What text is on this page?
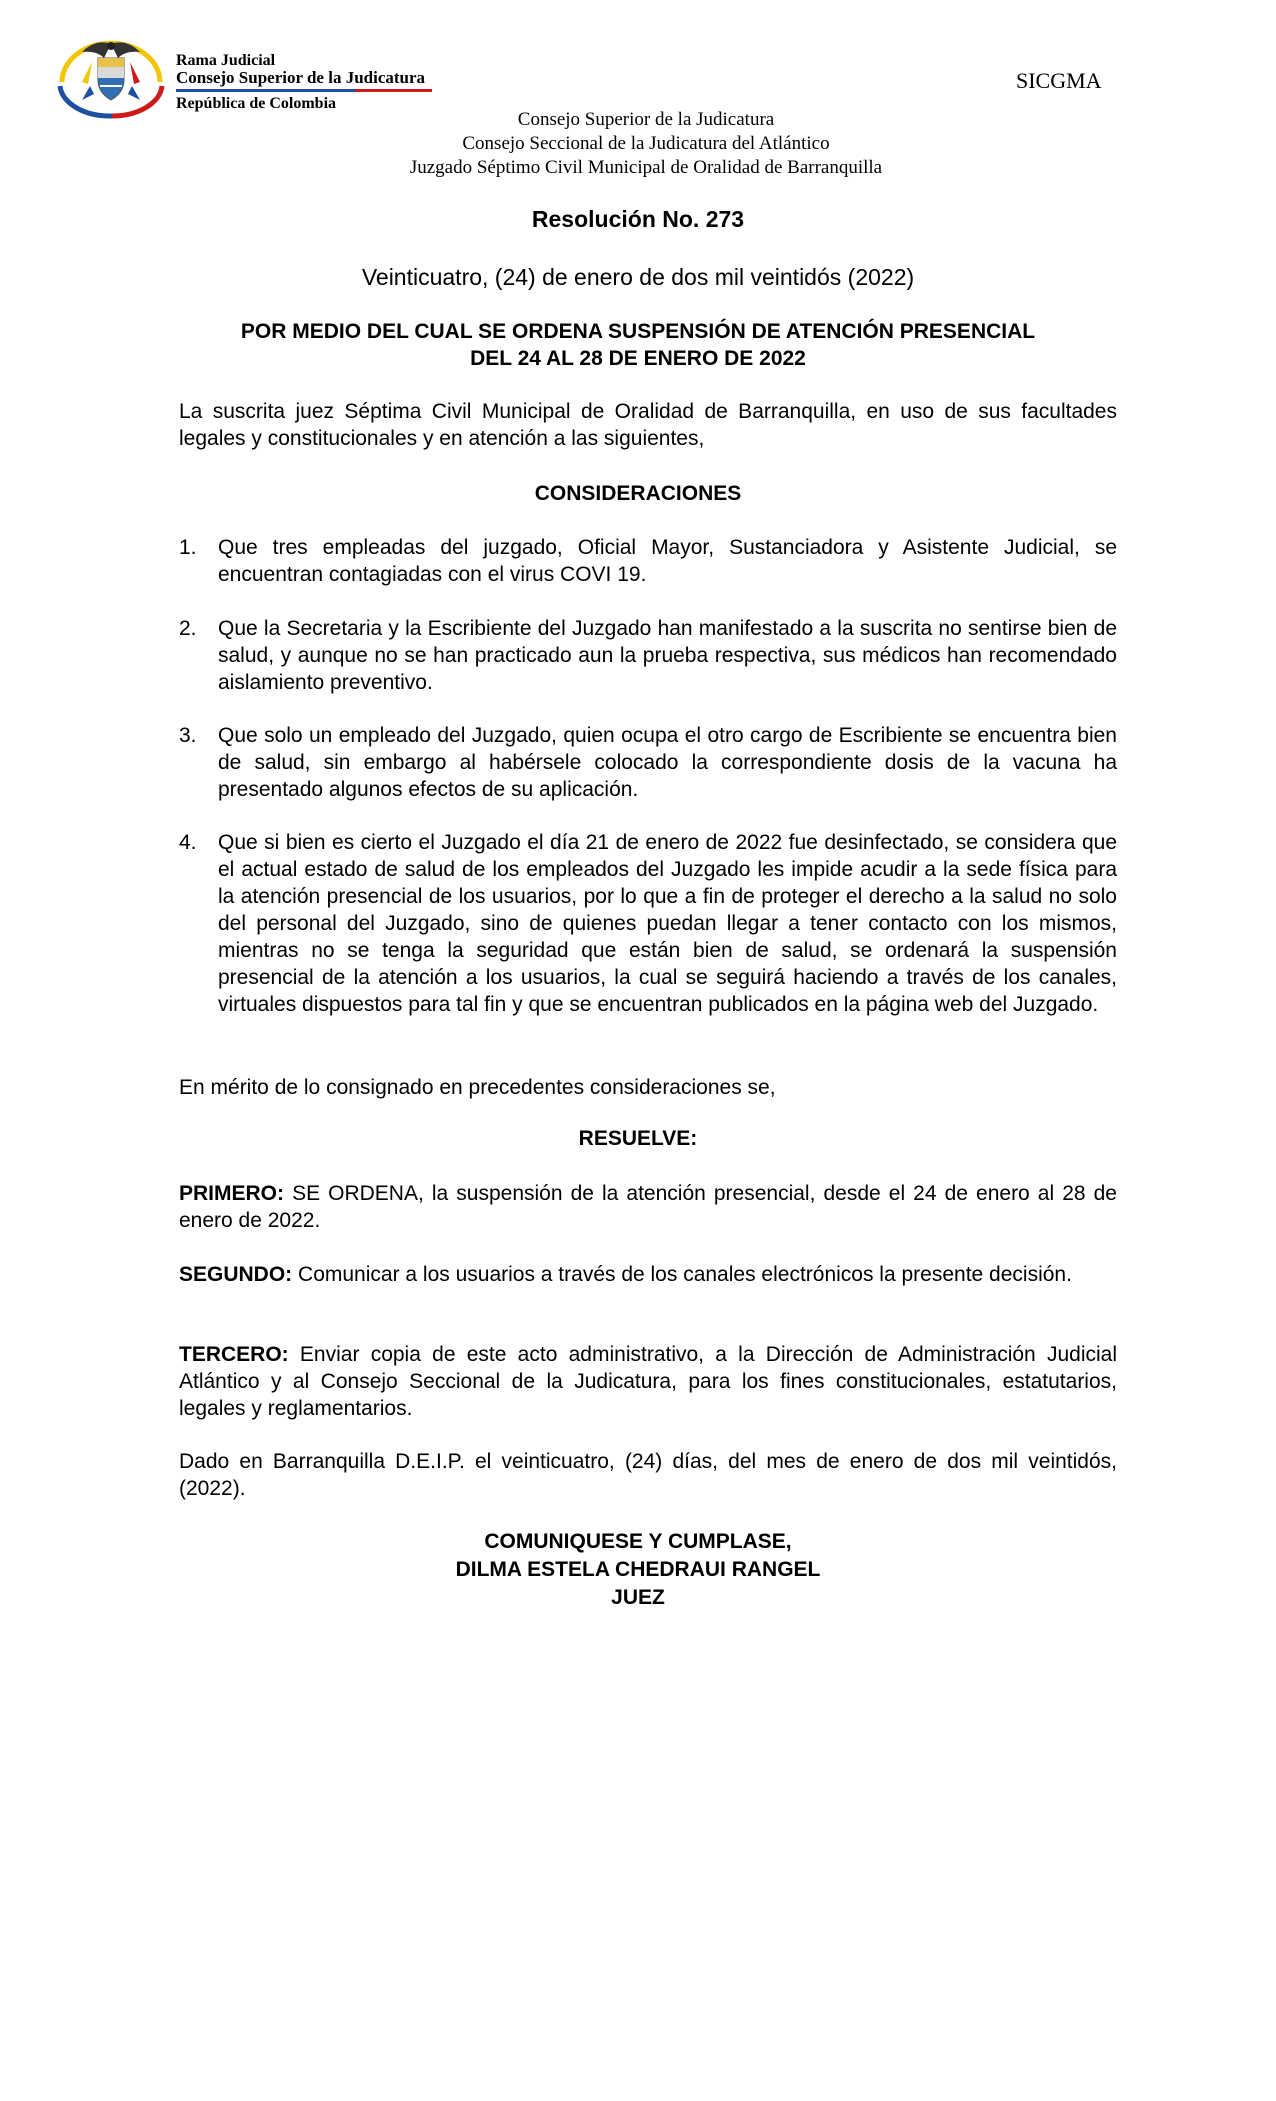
Rama Judicial
Consejo Superior de la Judicatura
República de Colombia
SICGMA
Consejo Superior de la Judicatura
Consejo Seccional de la Judicatura del Atlántico
Juzgado Séptimo Civil Municipal de Oralidad de Barranquilla
Resolución No. 273
Veinticuatro, (24) de enero de dos mil veintidós (2022)
POR MEDIO DEL CUAL SE ORDENA SUSPENSIÓN DE ATENCIÓN PRESENCIAL
DEL 24 AL 28 DE ENERO DE 2022
La suscrita juez Séptima Civil Municipal de Oralidad de Barranquilla, en uso de sus facultades legales y constitucionales y en atención a las siguientes,
CONSIDERACIONES
1.	Que tres empleadas del juzgado, Oficial Mayor, Sustanciadora y Asistente Judicial, se encuentran contagiadas con el virus COVI 19.
2.	Que la Secretaria y la Escribiente del Juzgado han manifestado a la suscrita no sentirse bien de salud, y aunque no se han practicado aun la prueba respectiva, sus médicos han recomendado aislamiento preventivo.
3.	Que solo un empleado del Juzgado, quien ocupa el otro cargo de Escribiente se encuentra bien de salud, sin embargo al habérsele colocado la correspondiente dosis de la vacuna ha presentado algunos efectos de su aplicación.
4.	Que si bien es cierto el Juzgado el día 21 de enero de 2022 fue desinfectado, se considera que el actual estado de salud de los empleados del Juzgado les impide acudir a la sede física para la atención presencial de los usuarios, por lo que a fin de proteger el derecho a la salud no solo del personal del Juzgado, sino de quienes puedan llegar a tener contacto con los mismos, mientras no se tenga la seguridad que están bien de salud, se ordenará la suspensión presencial de la atención a los usuarios, la cual se seguirá haciendo a través de los canales, virtuales dispuestos para tal fin y que se encuentran publicados en la página web del Juzgado.
En mérito de lo consignado en precedentes consideraciones se,
RESUELVE:
PRIMERO: SE ORDENA, la suspensión de la atención presencial, desde el 24 de enero al 28 de enero de 2022.
SEGUNDO: Comunicar a los usuarios a través de los canales electrónicos la presente decisión.
TERCERO: Enviar copia de este acto administrativo, a la Dirección de Administración Judicial Atlántico y al Consejo Seccional de la Judicatura, para los fines constitucionales, estatutarios, legales y reglamentarios.
Dado en Barranquilla D.E.I.P. el veinticuatro, (24) días, del mes de enero de dos mil veintidós, (2022).
COMUNIQUESE Y CUMPLASE,
DILMA ESTELA CHEDRAUI RANGEL
JUEZ
